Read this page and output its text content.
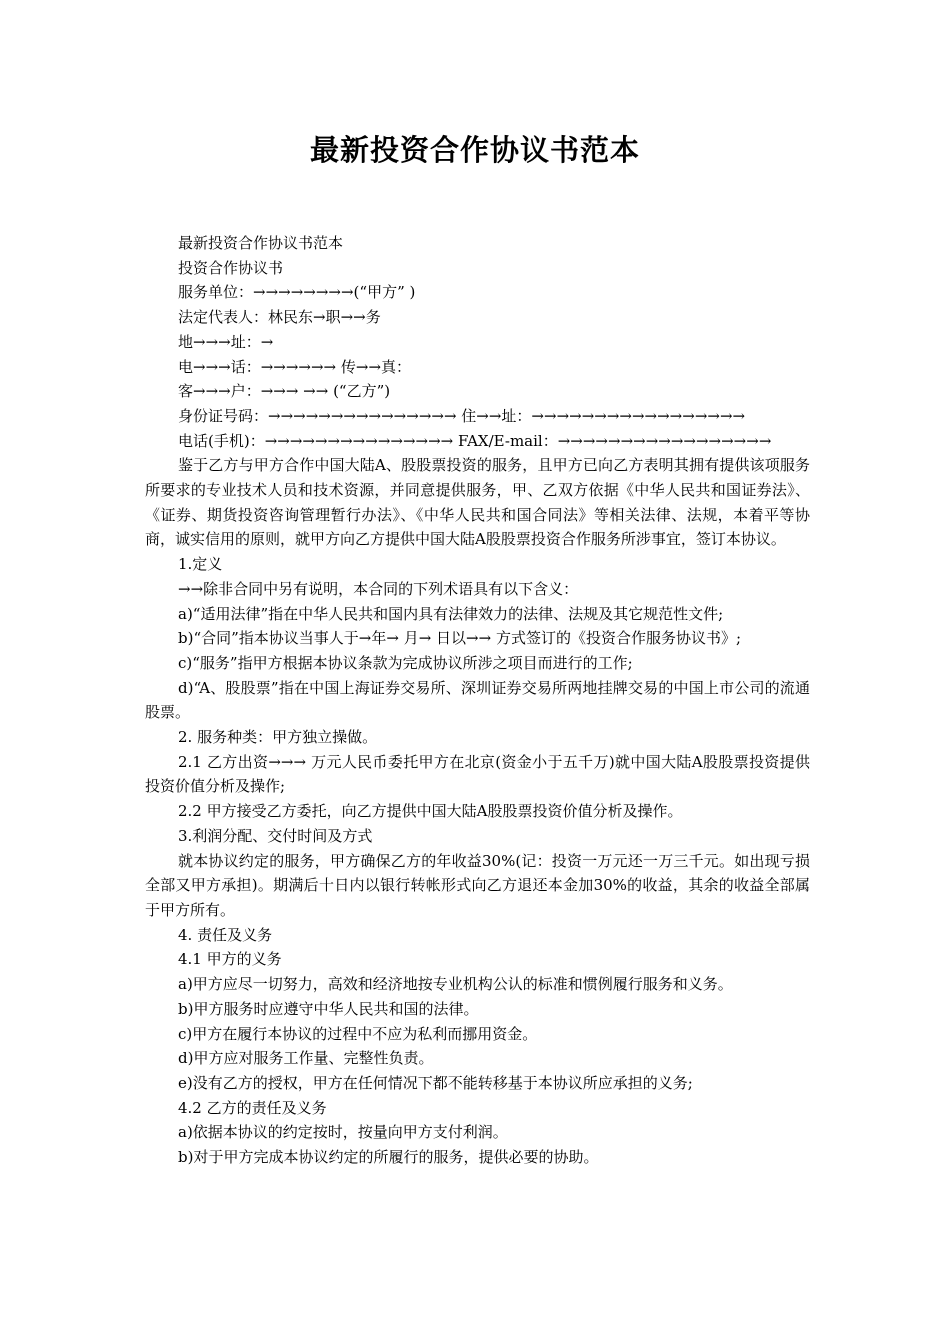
最新投资合作协议书范本

最新投资合作协议书范本

投资合作协议书

服务单位：→→→→→→→→(“甲方” )

法定代表人：林民东→职→→务

地→→→址：→

电→→→话：→→→→→→ 传→→真：

客→→→户：→→→ →→ (“乙方”)

身份证号码：→→→→→→→→→→→→→→→ 住→→址：→→→→→→→→→→→→→→→→→

电话(手机)：→→→→→→→→→→→→→→→ FAX/E-mail：→→→→→→→→→→→→→→→→→

鉴于乙方与甲方合作中国大陆A、股股票投资的服务，且甲方已向乙方表明其拥有提供该项服务所要求的专业技术人员和技术资源，并同意提供服务，甲、乙双方依据《中华人民共和国证券法》、《证券、期货投资咨询管理暂行办法》、《中华人民共和国合同法》等相关法律、法规，本着平等协商，诚实信用的原则，就甲方向乙方提供中国大陆A股股票投资合作服务所涉事宜，签订本协议。

1.定义

→→除非合同中另有说明，本合同的下列术语具有以下含义：

a)“适用法律”指在中华人民共和国内具有法律效力的法律、法规及其它规范性文件;

b)“合同”指本协议当事人于→年→ 月→ 日以→→ 方式签订的《投资合作服务协议书》;

c)“服务”指甲方根据本协议条款为完成协议所涉之项目而进行的工作;

d)“A、股股票”指在中国上海证券交易所、深圳证券交易所两地挂牌交易的中国上市公司的流通股票。

2. 服务种类：甲方独立操做。

2.1 乙方出资→→→ 万元人民币委托甲方在北京(资金小于五千万)就中国大陆A股股票投资提供投资价值分析及操作;

2.2 甲方接受乙方委托，向乙方提供中国大陆A股股票投资价值分析及操作。

3.利润分配、交付时间及方式

就本协议约定的服务，甲方确保乙方的年收益30%(记：投资一万元还一万三千元。如出现亏损全部又甲方承担)。期满后十日内以银行转帐形式向乙方退还本金加30%的收益，其余的收益全部属于甲方所有。

4. 责任及义务

4.1 甲方的义务

a)甲方应尽一切努力，高效和经济地按专业机构公认的标准和惯例履行服务和义务。

b)甲方服务时应遵守中华人民共和国的法律。

c)甲方在履行本协议的过程中不应为私利而挪用资金。

d)甲方应对服务工作量、完整性负责。

e)没有乙方的授权，甲方在任何情况下都不能转移基于本协议所应承担的义务;

4.2 乙方的责任及义务

a)依据本协议的约定按时，按量向甲方支付利润。

b)对于甲方完成本协议约定的所履行的服务，提供必要的协助。
